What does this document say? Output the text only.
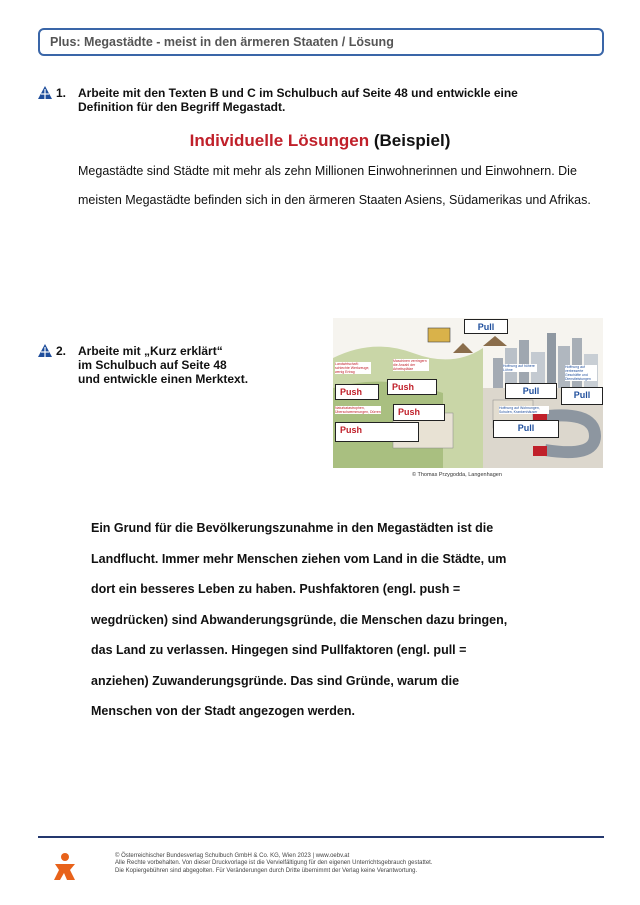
Plus: Megastädte - meist in den ärmeren Staaten / Lösung
1. Arbeite mit den Texten B und C im Schulbuch auf Seite 48 und entwickle eine
Definition für den Begriff Megastadt.
Individuelle Lösungen (Beispiel)
Megastädte sind Städte mit mehr als zehn Millionen Einwohnerinnen und Einwohnern. Die
meisten Megastädte befinden sich in den ärmeren Staaten Asiens, Südamerikas und Afrikas.
2. Arbeite mit „Kurz erklärt“
im Schulbuch auf Seite 48
und entwickle einen Merktext.
Pull
Push	Push	Pull	Pull
Push
Push	Pull
Landwirtschaft: schlechte Werkzeuge, wenig Ertrag
Maschinen verringern die Anzahl der Arbeitsplätze
Hoffnung auf höhere Löhne
Hoffnung auf verbesserte Geschäfte und Dienstleistungen
Naturkatastrophen, Überschwemmungen, Dürren
Hoffnung auf Wohnungen, Schulen, Krankenhäuser
© Thomas Przygodda, Langenhagen
Ein Grund für die Bevölkerungszunahme in den Megastädten ist die
Landflucht. Immer mehr Menschen ziehen vom Land in die Städte, um
dort ein besseres Leben zu haben. Pushfaktoren (engl. push =
wegdrücken) sind Abwanderungsgründe, die Menschen dazu bringen,
das Land zu verlassen. Hingegen sind Pullfaktoren (engl. pull =
anziehen) Zuwanderungsgründe. Das sind Gründe, warum die
Menschen von der Stadt angezogen werden.
© Österreichischer Bundesverlag Schulbuch GmbH & Co. KG, Wien 2023 | www.oebv.at
Alle Rechte vorbehalten. Von dieser Druckvorlage ist die Vervielfältigung für den eigenen Unterrichtsgebrauch gestattet.
Die Kopiergebühren sind abgegolten. Für Veränderungen durch Dritte übernimmt der Verlag keine Verantwortung.
